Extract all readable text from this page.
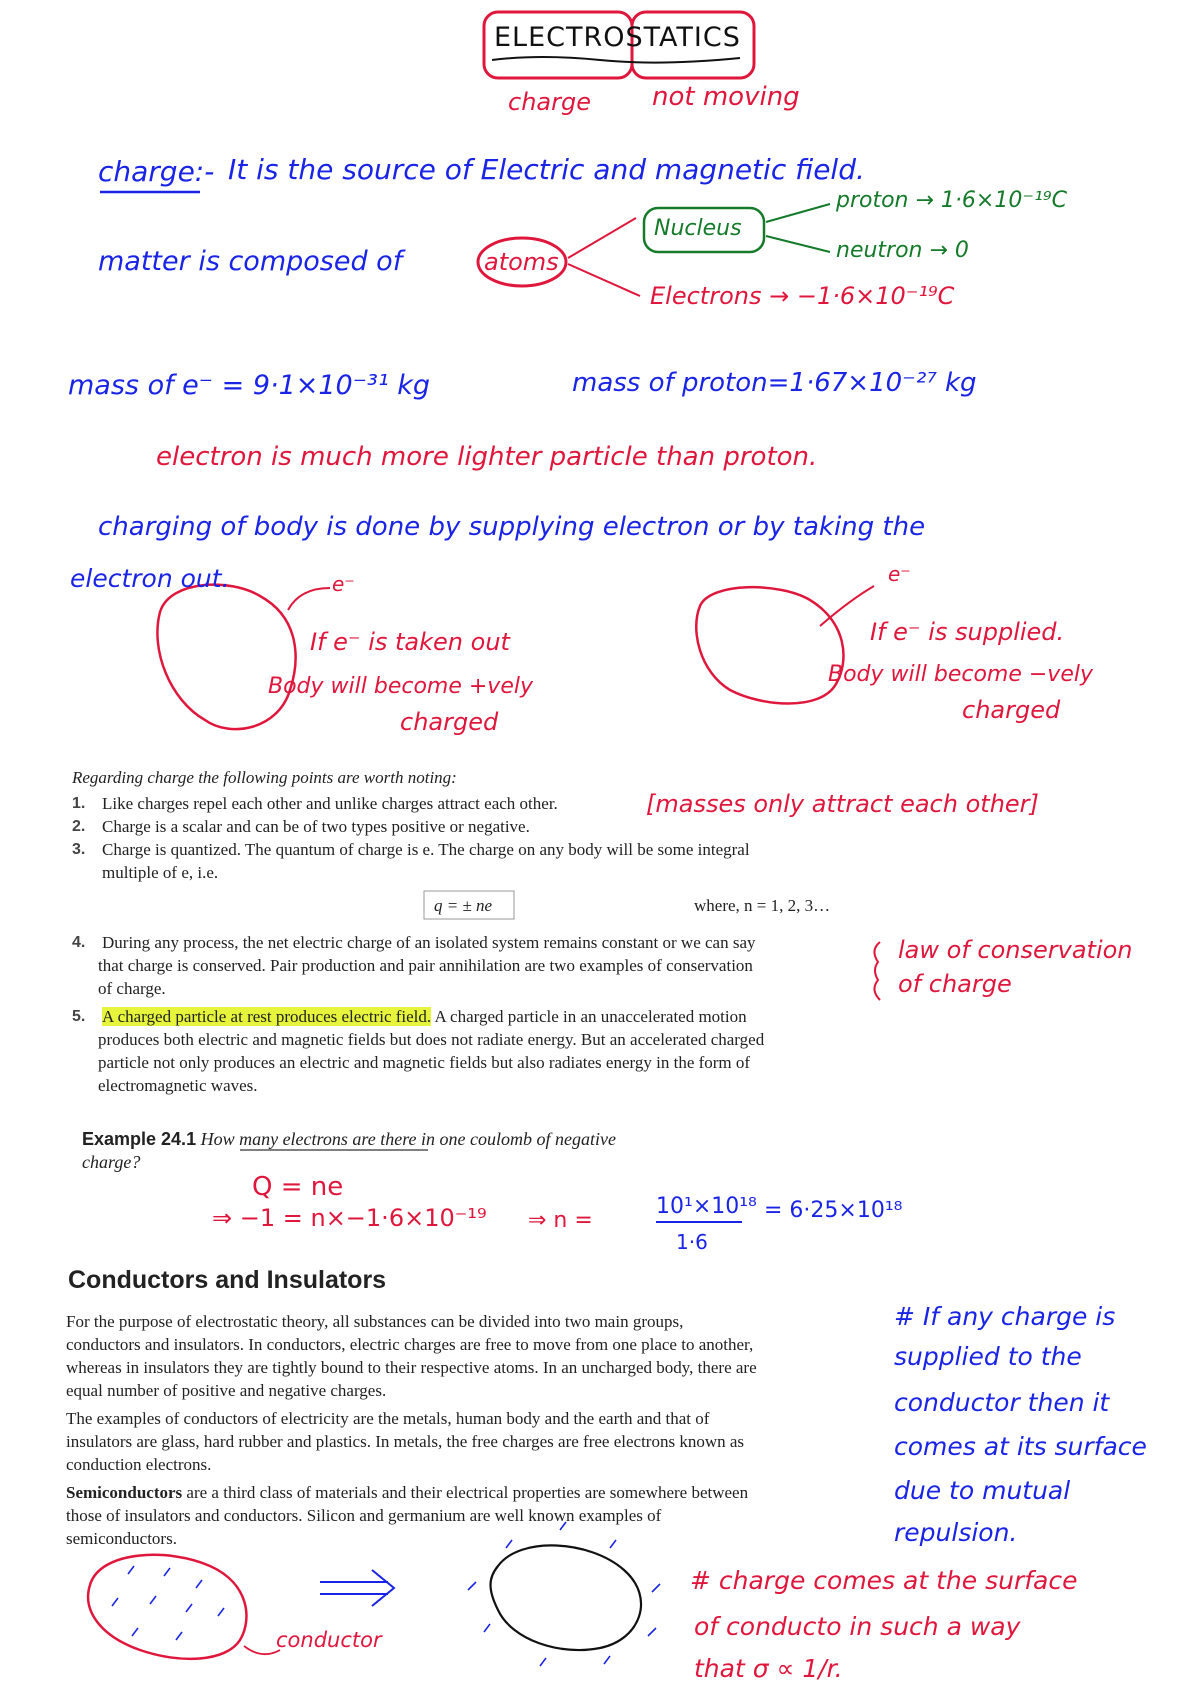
ELECTROSTATICS
charge not moving
charge:- It is the source of Electric and magnetic field.
matter is composed of	atoms
Nucleus
proton → 1·6×10⁻¹⁹C
neutron → 0
Electrons → −1·6×10⁻¹⁹C
mass of e⁻ = 9·1×10⁻³¹ kg	mass of proton=1·67×10⁻²⁷ kg
electron is much more lighter particle than proton.
charging of body is done by supplying electron or by taking the
electron out.	e⁻	e⁻
If e⁻ is taken out
Body will become +vely
charged
If e⁻ is supplied.
Body will become −vely
charged
Regarding charge the following points are worth noting:
1. Like charges repel each other and unlike charges attract each other.
2. Charge is a scalar and can be of two types positive or negative.
3. Charge is quantized. The quantum of charge is e. The charge on any body will be some integral
multiple of e, i.e.
q = ± ne	where, n = 1, 2, 3…
4. During any process, the net electric charge of an isolated system remains constant or we can say
that charge is conserved. Pair production and pair annihilation are two examples of conservation
of charge.
5. A charged particle at rest produces electric field. A charged particle in an unaccelerated motion
produces both electric and magnetic fields but does not radiate energy. But an accelerated charged
particle not only produces an electric and magnetic fields but also radiates energy in the form of
electromagnetic waves.
[masses only attract each other]
law of conservation
of charge
Example 24.1 How many electrons are there in one coulomb of negative
charge?
Q = ne
⇒ −1 = n×−1·6×10⁻¹⁹ ⇒ n =
10¹×10¹⁸
1·6
= 6·25×10¹⁸
Conductors and Insulators
For the purpose of electrostatic theory, all substances can be divided into two main groups,
conductors and insulators. In conductors, electric charges are free to move from one place to another,
whereas in insulators they are tightly bound to their respective atoms. In an uncharged body, there are
equal number of positive and negative charges.
The examples of conductors of electricity are the metals, human body and the earth and that of
insulators are glass, hard rubber and plastics. In metals, the free charges are free electrons known as
conduction electrons.
Semiconductors are a third class of materials and their electrical properties are somewhere between
those of insulators and conductors. Silicon and germanium are well known examples of
semiconductors.
# If any charge is
supplied to the
conductor then it
comes at its surface
due to mutual
repulsion.
# charge comes at the surface
of conducto in such a way
that σ ∝ 1/r.
conductor
